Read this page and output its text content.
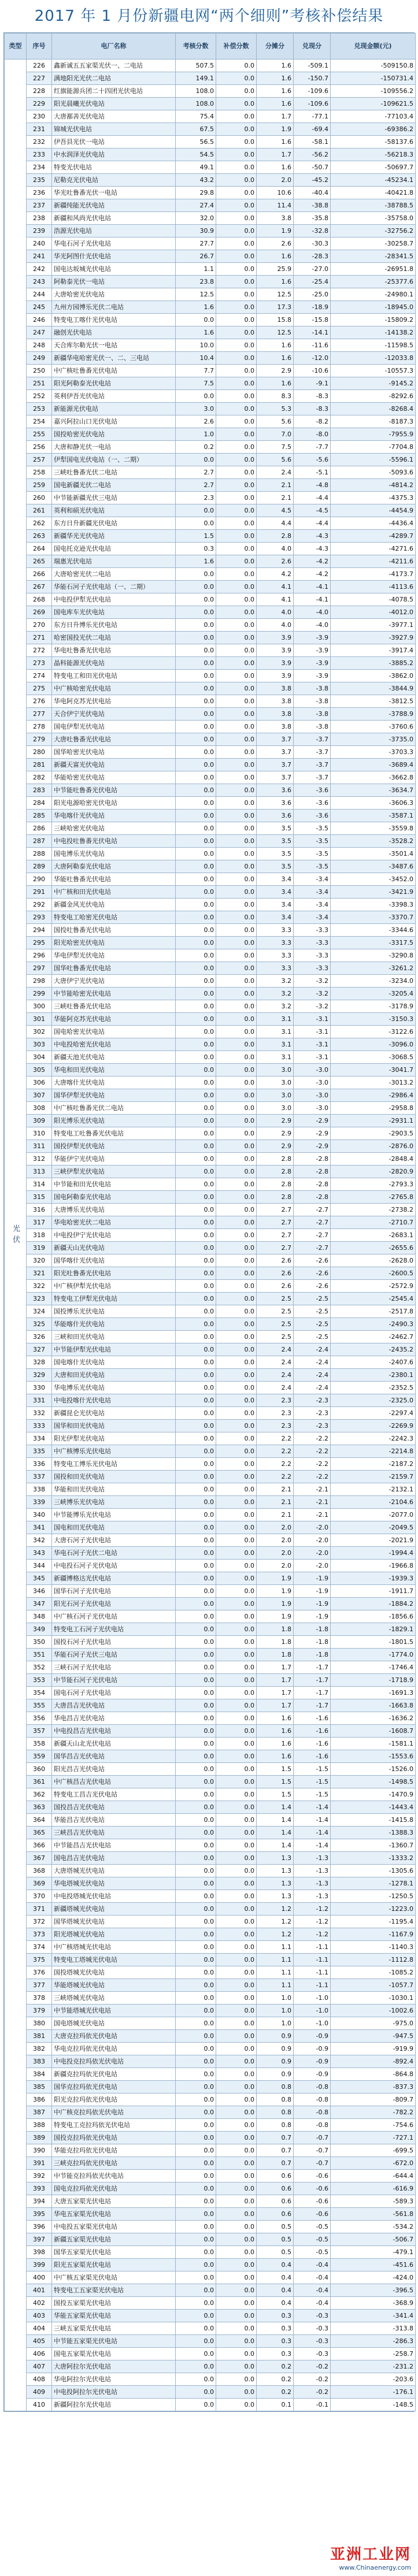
2017 年 1 月份新疆电网“两个细则”考核补偿结果
类型	序号	电厂名称	考核分数	补偿分数	分摊分	兑现分	兑现金额(元)
光伏	226	鑫新诚五五家渠光伏一、二电站	507.5	0.0	1.6	-509.1	-509150.8
	227	满地阳光光伏二电站	149.1	0.0	1.6	-150.7	-150731.4
	228	红旗能源兵团二十四团光伏电站	108.0	0.0	1.6	-109.6	-109556.2
	229	阳光晨曦光伏电站	108.0	0.0	1.6	-109.6	-109621.5
	230	大唐鄯善光伏电站	75.4	0.0	1.7	-77.1	-77103.4
	231	锦城光伏电站	67.5	0.0	1.9	-69.4	-69386.2
	232	伊吾县光伏一电站	56.5	0.0	1.6	-58.1	-58137.6
	233	中水润泽光伏电站	54.5	0.0	1.7	-56.2	-56218.3
	234	特变光伏电站	49.1	0.0	1.6	-50.7	-50697.7
	235	尼勒克光伏电站	43.2	0.0	2.0	-45.2	-45234.1
	236	华光吐鲁番光伏一电站	29.8	0.0	10.6	-40.4	-40421.8
	237	新疆纯能光伏电站	27.4	0.0	11.4	-38.8	-38788.5
	238	新疆和风尚光伏电站	32.0	0.0	3.8	-35.8	-35758.0
	239	浩源光伏电站	30.9	0.0	1.9	-32.8	-32756.2
	240	华电石河子光伏电站	27.7	0.0	2.6	-30.3	-30258.7
	241	华光阿图什光伏电站	26.7	0.0	1.6	-28.3	-28341.5
	242	国电达坂城光伏电站	1.1	0.0	25.9	-27.0	-26951.8
	243	阿勒泰光伏一电站	23.8	0.0	1.6	-25.4	-25377.6
	244	大唐哈密光伏电站	12.5	0.0	12.5	-25.0	-24980.1
	245	九州方园博乐光伏二电站	1.6	0.0	17.3	-18.9	-18945.0
	246	特变电工喀什光伏电站	0.0	0.0	15.8	-15.8	-15809.2
	247	融创光伏电站	1.6	0.0	12.5	-14.1	-14138.2
	248	天合库尔勒光伏一电站	10.0	0.0	1.6	-11.6	-11598.5
	249	新疆华电哈密光伏一、二、三电站	10.4	0.0	1.6	-12.0	-12033.8
	250	中广核吐鲁番光伏电站	7.7	0.0	2.9	-10.6	-10557.3
	251	阳光阿勒泰光伏电站	7.5	0.0	1.6	-9.1	-9145.2
	252	英利伊吾光伏电站	0.0	0.0	8.3	-8.3	-8292.6
	253	新能源光伏电站	3.0	0.0	5.3	-8.3	-8268.4
	254	嘉兴阿拉山口光伏电站	2.6	0.0	5.6	-8.2	-8187.3
	255	国投哈密光伏电站	1.0	0.0	7.0	-8.0	-7955.9
	256	大唐和静光伏一电站	0.2	0.0	7.5	-7.7	-7704.8
	257	伊犁国电光伏电站（一、二期）	0.0	0.0	5.6	-5.6	-5596.1
	258	三峡吐鲁番光伏二电站	2.7	0.0	2.4	-5.1	-5093.6
	259	国电新疆光伏二电站	2.7	0.0	2.1	-4.8	-4814.2
	260	中节能新疆光伏三电站	2.3	0.0	2.1	-4.4	-4375.3
	261	英利和硕光伏电站	0.0	0.0	4.5	-4.5	-4454.9
	262	东方日升新疆光伏电站	0.0	0.0	4.4	-4.4	-4436.4
	263	新疆华光光伏电站	1.5	0.0	2.8	-4.3	-4289.7
	264	国电托克逊光伏电站	0.3	0.0	4.0	-4.3	-4271.6
	265	瑞惠光伏电站	1.6	0.0	2.6	-4.2	-4211.6
	266	大唐哈密光伏二电站	0.0	0.0	4.2	-4.2	-4173.7
	267	华能石河子光伏电站（一、二期）	0.0	0.0	4.1	-4.1	-4113.6
	268	中电投伊犁光伏电站	0.0	0.0	4.1	-4.1	-4078.5
	269	国电库车光伏电站	0.0	0.0	4.0	-4.0	-4012.0
	270	东方日升博乐光伏电站	0.0	0.0	4.0	-4.0	-3977.1
	271	哈密国投光伏二电站	0.0	0.0	3.9	-3.9	-3927.9
	272	华电吐鲁番光伏电站	0.0	0.0	3.9	-3.9	-3917.4
	273	晶科能源光伏电站	0.0	0.0	3.9	-3.9	-3885.2
	274	特变电工和田光伏电站	0.0	0.0	3.9	-3.9	-3862.0
	275	中广核哈密光伏电站	0.0	0.0	3.8	-3.8	-3844.9
	276	华电阿克苏光伏电站	0.0	0.0	3.8	-3.8	-3812.5
	277	天合伊宁光伏电站	0.0	0.0	3.8	-3.8	-3788.9
	278	国电伊犁光伏电站	0.0	0.0	3.8	-3.8	-3760.6
	279	大唐吐鲁番光伏电站	0.0	0.0	3.7	-3.7	-3735.0
	280	国华哈密光伏电站	0.0	0.0	3.7	-3.7	-3703.3
	281	新疆天富光伏电站	0.0	0.0	3.7	-3.7	-3689.4
	282	华能哈密光伏电站	0.0	0.0	3.7	-3.7	-3662.8
	283	中节能吐鲁番光伏电站	0.0	0.0	3.6	-3.6	-3634.7
	284	阳光电源哈密光伏电站	0.0	0.0	3.6	-3.6	-3606.3
	285	华电喀什光伏电站	0.0	0.0	3.6	-3.6	-3587.1
	286	三峡哈密光伏电站	0.0	0.0	3.5	-3.5	-3559.8
	287	中电投吐鲁番光伏电站	0.0	0.0	3.5	-3.5	-3528.2
	288	国电博乐光伏电站	0.0	0.0	3.5	-3.5	-3501.4
	289	大唐阿勒泰光伏电站	0.0	0.0	3.5	-3.5	-3487.6
	290	华能吐鲁番光伏电站	0.0	0.0	3.4	-3.4	-3452.0
	291	中广核和田光伏电站	0.0	0.0	3.4	-3.4	-3421.9
	292	新疆金风光伏电站	0.0	0.0	3.4	-3.4	-3398.3
	293	特变电工哈密光伏电站	0.0	0.0	3.4	-3.4	-3370.7
	294	国投吐鲁番光伏电站	0.0	0.0	3.3	-3.3	-3344.6
	295	阳光哈密光伏电站	0.0	0.0	3.3	-3.3	-3317.5
	296	华电伊犁光伏电站	0.0	0.0	3.3	-3.3	-3290.8
	297	国华吐鲁番光伏电站	0.0	0.0	3.3	-3.3	-3261.2
	298	大唐伊宁光伏电站	0.0	0.0	3.2	-3.2	-3234.0
	299	中节能哈密光伏电站	0.0	0.0	3.2	-3.2	-3205.4
	300	三峡吐鲁番光伏电站	0.0	0.0	3.2	-3.2	-3178.9
	301	华能阿克苏光伏电站	0.0	0.0	3.1	-3.1	-3150.3
	302	国电哈密光伏电站	0.0	0.0	3.1	-3.1	-3122.6
	303	中电投哈密光伏电站	0.0	0.0	3.1	-3.1	-3096.0
	304	新疆天池光伏电站	0.0	0.0	3.1	-3.1	-3068.5
	305	华电和田光伏电站	0.0	0.0	3.0	-3.0	-3041.7
	306	大唐喀什光伏电站	0.0	0.0	3.0	-3.0	-3013.2
	307	国华伊犁光伏电站	0.0	0.0	3.0	-3.0	-2986.4
	308	中广核吐鲁番光伏二电站	0.0	0.0	3.0	-3.0	-2958.8
	309	阳光博乐光伏电站	0.0	0.0	2.9	-2.9	-2931.1
	310	特变电工吐鲁番光伏电站	0.0	0.0	2.9	-2.9	-2903.5
	311	国投伊犁光伏电站	0.0	0.0	2.9	-2.9	-2876.0
	312	华能伊宁光伏电站	0.0	0.0	2.8	-2.8	-2848.4
	313	三峡伊犁光伏电站	0.0	0.0	2.8	-2.8	-2820.9
	314	中节能和田光伏电站	0.0	0.0	2.8	-2.8	-2793.3
	315	国电阿勒泰光伏电站	0.0	0.0	2.8	-2.8	-2765.8
	316	大唐博乐光伏电站	0.0	0.0	2.7	-2.7	-2738.2
	317	华电哈密光伏二电站	0.0	0.0	2.7	-2.7	-2710.7
	318	中电投伊宁光伏电站	0.0	0.0	2.7	-2.7	-2683.1
	319	新疆天山光伏电站	0.0	0.0	2.7	-2.7	-2655.6
	320	国华喀什光伏电站	0.0	0.0	2.6	-2.6	-2628.0
	321	阳光吐鲁番光伏电站	0.0	0.0	2.6	-2.6	-2600.5
	322	中广核伊犁光伏电站	0.0	0.0	2.6	-2.6	-2572.9
	323	特变电工伊犁光伏电站	0.0	0.0	2.5	-2.5	-2545.4
	324	国投博乐光伏电站	0.0	0.0	2.5	-2.5	-2517.8
	325	华能喀什光伏电站	0.0	0.0	2.5	-2.5	-2490.3
	326	三峡和田光伏电站	0.0	0.0	2.5	-2.5	-2462.7
	327	中节能伊犁光伏电站	0.0	0.0	2.4	-2.4	-2435.2
	328	国电喀什光伏电站	0.0	0.0	2.4	-2.4	-2407.6
	329	大唐和田光伏电站	0.0	0.0	2.4	-2.4	-2380.1
	330	华电博乐光伏电站	0.0	0.0	2.4	-2.4	-2352.5
	331	中电投喀什光伏电站	0.0	0.0	2.3	-2.3	-2325.0
	332	新疆昆仑光伏电站	0.0	0.0	2.3	-2.3	-2297.4
	333	国华和田光伏电站	0.0	0.0	2.3	-2.3	-2269.9
	334	阳光伊犁光伏电站	0.0	0.0	2.2	-2.2	-2242.3
	335	中广核博乐光伏电站	0.0	0.0	2.2	-2.2	-2214.8
	336	特变电工博乐光伏电站	0.0	0.0	2.2	-2.2	-2187.2
	337	国投和田光伏电站	0.0	0.0	2.2	-2.2	-2159.7
	338	华能和田光伏电站	0.0	0.0	2.1	-2.1	-2132.1
	339	三峡博乐光伏电站	0.0	0.0	2.1	-2.1	-2104.6
	340	中节能博乐光伏电站	0.0	0.0	2.1	-2.1	-2077.0
	341	国电和田光伏电站	0.0	0.0	2.0	-2.0	-2049.5
	342	大唐石河子光伏电站	0.0	0.0	2.0	-2.0	-2021.9
	343	华电石河子光伏二电站	0.0	0.0	2.0	-2.0	-1994.4
	344	中电投石河子光伏电站	0.0	0.0	2.0	-2.0	-1966.8
	345	新疆博格达光伏电站	0.0	0.0	1.9	-1.9	-1939.3
	346	国华石河子光伏电站	0.0	0.0	1.9	-1.9	-1911.7
	347	阳光石河子光伏电站	0.0	0.0	1.9	-1.9	-1884.2
	348	中广核石河子光伏电站	0.0	0.0	1.9	-1.9	-1856.6
	349	特变电工石河子光伏电站	0.0	0.0	1.8	-1.8	-1829.1
	350	国投石河子光伏电站	0.0	0.0	1.8	-1.8	-1801.5
	351	华能石河子光伏三电站	0.0	0.0	1.8	-1.8	-1774.0
	352	三峡石河子光伏电站	0.0	0.0	1.7	-1.7	-1746.4
	353	中节能石河子光伏电站	0.0	0.0	1.7	-1.7	-1718.9
	354	国电石河子光伏电站	0.0	0.0	1.7	-1.7	-1691.3
	355	大唐昌吉光伏电站	0.0	0.0	1.7	-1.7	-1663.8
	356	华电昌吉光伏电站	0.0	0.0	1.6	-1.6	-1636.2
	357	中电投昌吉光伏电站	0.0	0.0	1.6	-1.6	-1608.7
	358	新疆天山北光伏电站	0.0	0.0	1.6	-1.6	-1581.1
	359	国华昌吉光伏电站	0.0	0.0	1.6	-1.6	-1553.6
	360	阳光昌吉光伏电站	0.0	0.0	1.5	-1.5	-1526.0
	361	中广核昌吉光伏电站	0.0	0.0	1.5	-1.5	-1498.5
	362	特变电工昌吉光伏电站	0.0	0.0	1.5	-1.5	-1470.9
	363	国投昌吉光伏电站	0.0	0.0	1.4	-1.4	-1443.4
	364	华能昌吉光伏电站	0.0	0.0	1.4	-1.4	-1415.8
	365	三峡昌吉光伏电站	0.0	0.0	1.4	-1.4	-1388.3
	366	中节能昌吉光伏电站	0.0	0.0	1.4	-1.4	-1360.7
	367	国电昌吉光伏电站	0.0	0.0	1.3	-1.3	-1333.2
	368	大唐塔城光伏电站	0.0	0.0	1.3	-1.3	-1305.6
	369	华电塔城光伏电站	0.0	0.0	1.3	-1.3	-1278.1
	370	中电投塔城光伏电站	0.0	0.0	1.3	-1.3	-1250.5
	371	新疆塔城光伏电站	0.0	0.0	1.2	-1.2	-1223.0
	372	国华塔城光伏电站	0.0	0.0	1.2	-1.2	-1195.4
	373	阳光塔城光伏电站	0.0	0.0	1.2	-1.2	-1167.9
	374	中广核塔城光伏电站	0.0	0.0	1.1	-1.1	-1140.3
	375	特变电工塔城光伏电站	0.0	0.0	1.1	-1.1	-1112.8
	376	国投塔城光伏电站	0.0	0.0	1.1	-1.1	-1085.2
	377	华能塔城光伏电站	0.0	0.0	1.1	-1.1	-1057.7
	378	三峡塔城光伏电站	0.0	0.0	1.0	-1.0	-1030.1
	379	中节能塔城光伏电站	0.0	0.0	1.0	-1.0	-1002.6
	380	国电塔城光伏电站	0.0	0.0	1.0	-1.0	-975.0
	381	大唐克拉玛依光伏电站	0.0	0.0	0.9	-0.9	-947.5
	382	华电克拉玛依光伏电站	0.0	0.0	0.9	-0.9	-919.9
	383	中电投克拉玛依光伏电站	0.0	0.0	0.9	-0.9	-892.4
	384	新疆克拉玛依光伏电站	0.0	0.0	0.9	-0.9	-864.8
	385	国华克拉玛依光伏电站	0.0	0.0	0.8	-0.8	-837.3
	386	阳光克拉玛依光伏电站	0.0	0.0	0.8	-0.8	-809.7
	387	中广核克拉玛依光伏电站	0.0	0.0	0.8	-0.8	-782.2
	388	特变电工克拉玛依光伏电站	0.0	0.0	0.8	-0.8	-754.6
	389	国投克拉玛依光伏电站	0.0	0.0	0.7	-0.7	-727.1
	390	华能克拉玛依光伏电站	0.0	0.0	0.7	-0.7	-699.5
	391	三峡克拉玛依光伏电站	0.0	0.0	0.7	-0.7	-672.0
	392	中节能克拉玛依光伏电站	0.0	0.0	0.6	-0.6	-644.4
	393	国电克拉玛依光伏电站	0.0	0.0	0.6	-0.6	-616.9
	394	大唐五家渠光伏电站	0.0	0.0	0.6	-0.6	-589.3
	395	华电五家渠光伏电站	0.0	0.0	0.6	-0.6	-561.8
	396	中电投五家渠光伏电站	0.0	0.0	0.5	-0.5	-534.2
	397	新疆五家渠光伏电站	0.0	0.0	0.5	-0.5	-506.7
	398	国华五家渠光伏电站	0.0	0.0	0.5	-0.5	-479.1
	399	阳光五家渠光伏电站	0.0	0.0	0.4	-0.4	-451.6
	400	中广核五家渠光伏电站	0.0	0.0	0.4	-0.4	-424.0
	401	特变电工五家渠光伏电站	0.0	0.0	0.4	-0.4	-396.5
	402	国投五家渠光伏电站	0.0	0.0	0.4	-0.4	-368.9
	403	华能五家渠光伏电站	0.0	0.0	0.3	-0.3	-341.4
	404	三峡五家渠光伏电站	0.0	0.0	0.3	-0.3	-313.8
	405	中节能五家渠光伏电站	0.0	0.0	0.3	-0.3	-286.3
	406	国电五家渠光伏电站	0.0	0.0	0.3	-0.3	-258.7
	407	大唐阿拉尔光伏电站	0.0	0.0	0.2	-0.2	-231.2
	408	华电阿拉尔光伏电站	0.0	0.0	0.2	-0.2	-203.6
	409	中电投阿拉尔光伏电站	0.0	0.0	0.2	-0.2	-176.1
	410	新疆阿拉尔光伏电站	0.0	0.0	0.1	-0.1	-148.5
亚洲工业网
www.Chinaenergy.com
